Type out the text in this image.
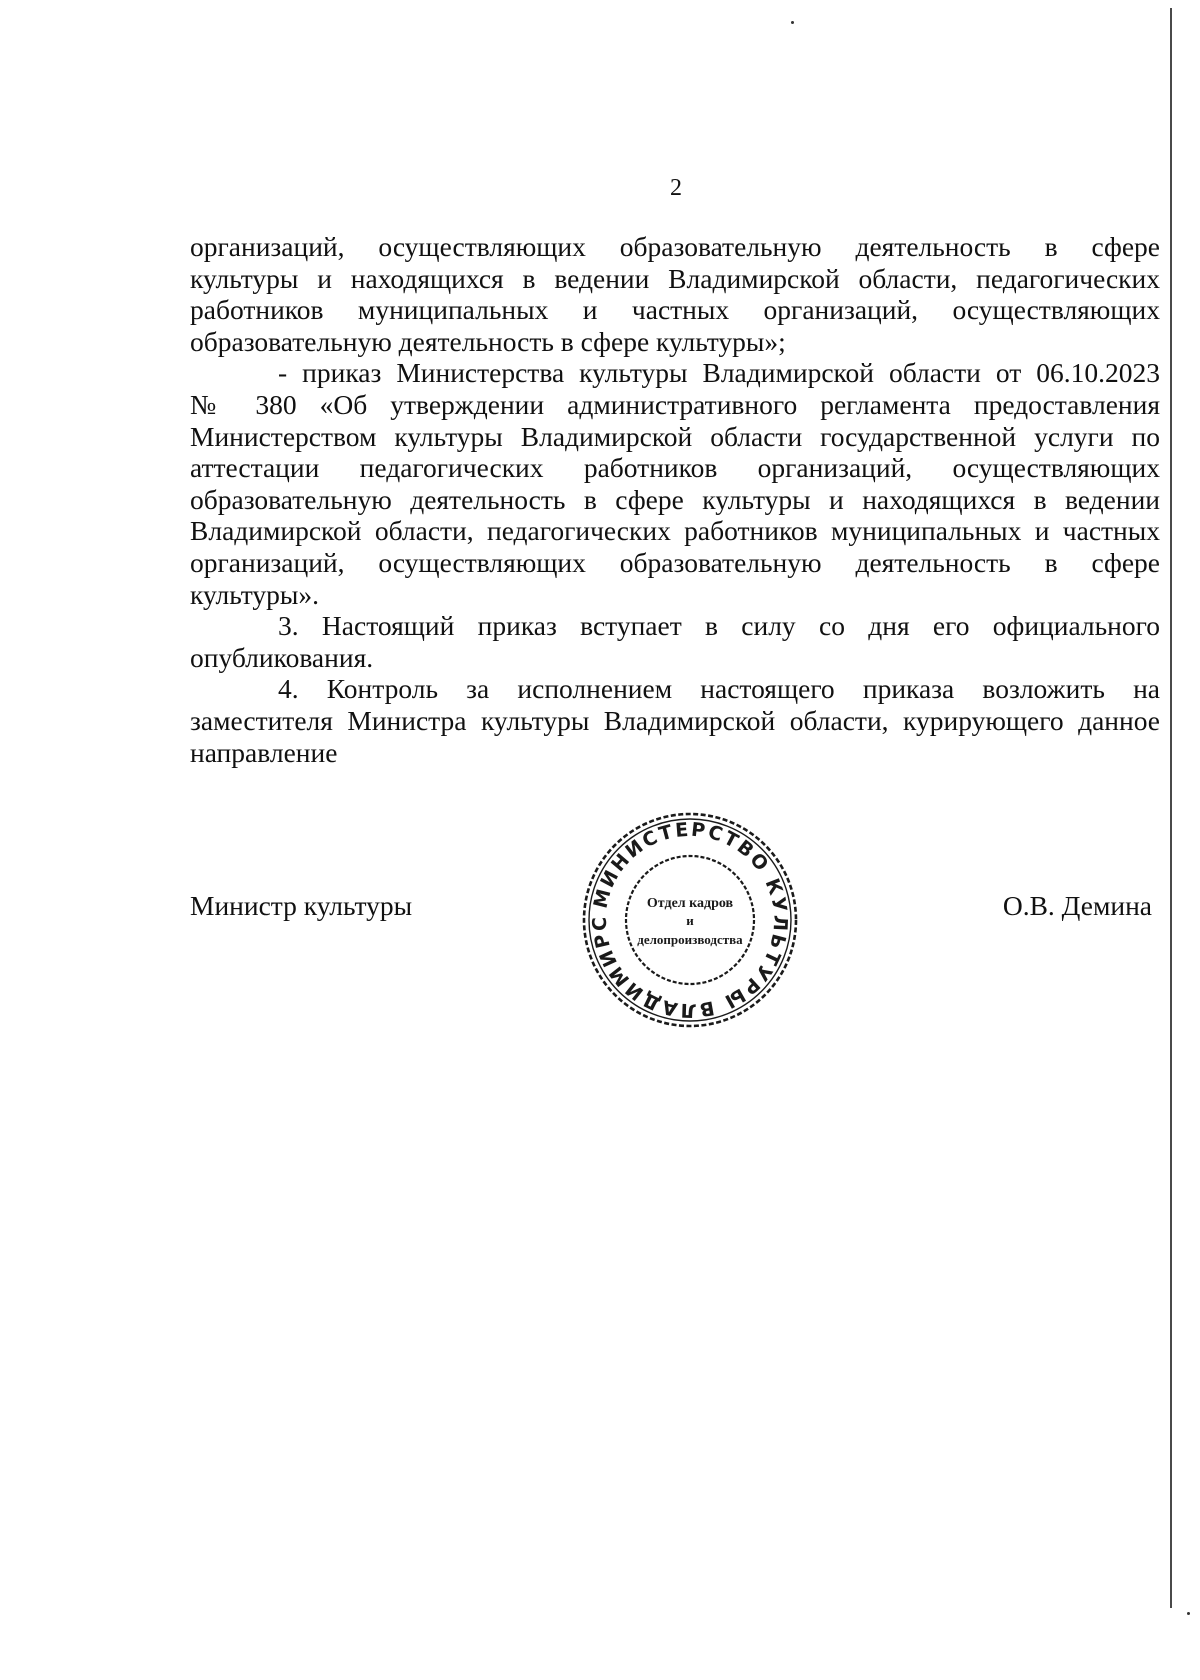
2
организаций, осуществляющих образовательную деятельность в сфере
культуры и находящихся в ведении Владимирской области, педагогических
работников муниципальных и частных организаций, осуществляющих
образовательную деятельность в сфере культуры»;
- приказ Министерства культуры Владимирской области от 06.10.2023
№ 380 «Об утверждении административного регламента предоставления
Министерством культуры Владимирской области государственной услуги по
аттестации педагогических работников организаций, осуществляющих
образовательную деятельность в сфере культуры и находящихся в ведении
Владимирской области, педагогических работников муниципальных и частных
организаций, осуществляющих образовательную деятельность в сфере
культуры».
3. Настоящий приказ вступает в силу со дня его официального
опубликования.
4. Контроль за исполнением настоящего приказа возложить на
заместителя Министра культуры Владимирской области, курирующего данное
направление
Министр культуры	О.В. Демина
МИНИСТЕРСТВО КУЛЬТУРЫ ВЛАДИМИРС
Отдел кадров
и
делопроизводства
